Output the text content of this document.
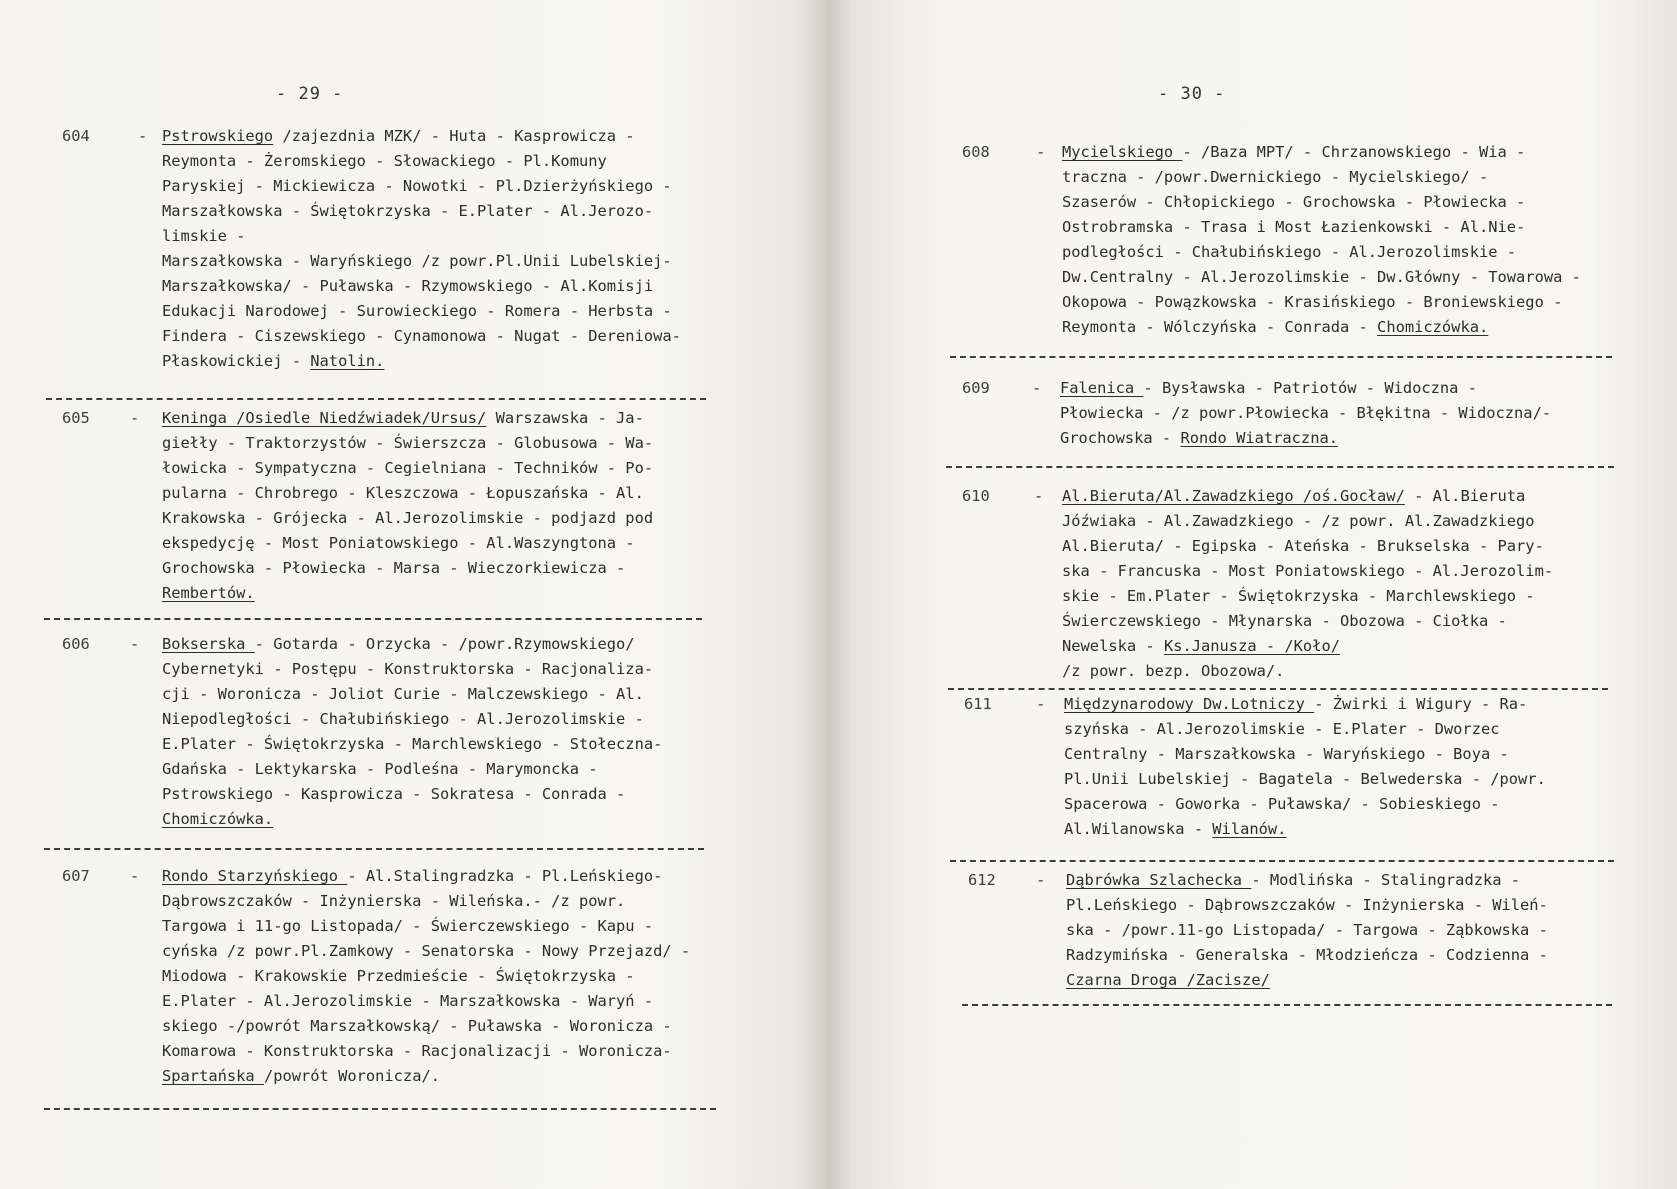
- 29 -
604	- Pstrowskiego /zajezdnia MZK/ - Huta - Kasprowicza -
Reymonta - Żeromskiego - Słowackiego - Pl.Komuny
Paryskiej - Mickiewicza - Nowotki - Pl.Dzierżyńskiego -
Marszałkowska - Świętokrzyska - E.Plater - Al.Jerozo-
limskie -
Marszałkowska - Waryńskiego /z powr.Pl.Unii Lubelskiej-
Marszałkowska/ - Puławska - Rzymowskiego - Al.Komisji
Edukacji Narodowej - Surowieckiego - Romera - Herbsta -
Findera - Ciszewskiego - Cynamonowa - Nugat - Dereniowa-
Płaskowickiej - Natolin.
605	- Keninga /Osiedle Niedźwiadek/Ursus/ Warszawska - Ja-
giełły - Traktorzystów - Świerszcza - Globusowa - Wa-
łowicka - Sympatyczna - Cegielniana - Techników - Po-
pularna - Chrobrego - Kleszczowa - Łopuszańska - Al.
Krakowska - Grójecka - Al.Jerozolimskie - podjazd pod
ekspedycję - Most Poniatowskiego - Al.Waszyngtona -
Grochowska - Płowiecka - Marsa - Wieczorkiewicza -
Rembertów.
606	- Bokserska - Gotarda - Orzycka - /powr.Rzymowskiego/
Cybernetyki - Postępu - Konstruktorska - Racjonaliza-
cji - Woronicza - Joliot Curie - Malczewskiego - Al.
Niepodległości - Chałubińskiego - Al.Jerozolimskie -
E.Plater - Świętokrzyska - Marchlewskiego - Stołeczna-
Gdańska - Lektykarska - Podleśna - Marymoncka -
Pstrowskiego - Kasprowicza - Sokratesa - Conrada -
Chomiczówka.
607	- Rondo Starzyńskiego - Al.Stalingradzka - Pl.Leńskiego-
Dąbrowszczaków - Inżynierska - Wileńska.- /z powr.
Targowa i 11-go Listopada/ - Świerczewskiego - Kapu -
cyńska /z powr.Pl.Zamkowy - Senatorska - Nowy Przejazd/ -
Miodowa - Krakowskie Przedmieście - Świętokrzyska -
E.Plater - Al.Jerozolimskie - Marszałkowska - Waryń -
skiego -/powrót Marszałkowską/ - Puławska - Woronicza -
Komarowa - Konstruktorska - Racjonalizacji - Woronicza-
Spartańska /powrót Woronicza/.
- 30 -
608	- Mycielskiego - /Baza MPT/ - Chrzanowskiego - Wia -
traczna - /powr.Dwernickiego - Mycielskiego/ -
Szaserów - Chłopickiego - Grochowska - Płowiecka -
Ostrobramska - Trasa i Most Łazienkowski - Al.Nie-
podległości - Chałubińskiego - Al.Jerozolimskie -
Dw.Centralny - Al.Jerozolimskie - Dw.Główny - Towarowa -
Okopowa - Powązkowska - Krasińskiego - Broniewskiego -
Reymonta - Wólczyńska - Conrada - Chomiczówka.
609	- Falenica - Bysławska - Patriotów - Widoczna -
Płowiecka - /z powr.Płowiecka - Błękitna - Widoczna/-
Grochowska - Rondo Wiatraczna.
610	- Al.Bieruta/Al.Zawadzkiego /oś.Gocław/ - Al.Bieruta
Jóźwiaka - Al.Zawadzkiego - /z powr. Al.Zawadzkiego
Al.Bieruta/ - Egipska - Ateńska - Brukselska - Pary-
ska - Francuska - Most Poniatowskiego - Al.Jerozolim-
skie - Em.Plater - Świętokrzyska - Marchlewskiego -
Świerczewskiego - Młynarska - Obozowa - Ciołka -
Newelska - Ks.Janusza - /Koło/
/z powr. bezp. Obozowa/.
611	- Międzynarodowy Dw.Lotniczy - Żwirki i Wigury - Ra-
szyńska - Al.Jerozolimskie - E.Plater - Dworzec
Centralny - Marszałkowska - Waryńskiego - Boya -
Pl.Unii Lubelskiej - Bagatela - Belwederska - /powr.
Spacerowa - Goworka - Puławska/ - Sobieskiego -
Al.Wilanowska - Wilanów.
612	- Dąbrówka Szlachecka - Modlińska - Stalingradzka -
Pl.Leńskiego - Dąbrowszczaków - Inżynierska - Wileń-
ska - /powr.11-go Listopada/ - Targowa - Ząbkowska -
Radzymińska - Generalska - Młodzieńcza - Codzienna -
Czarna Droga /Zacisze/
